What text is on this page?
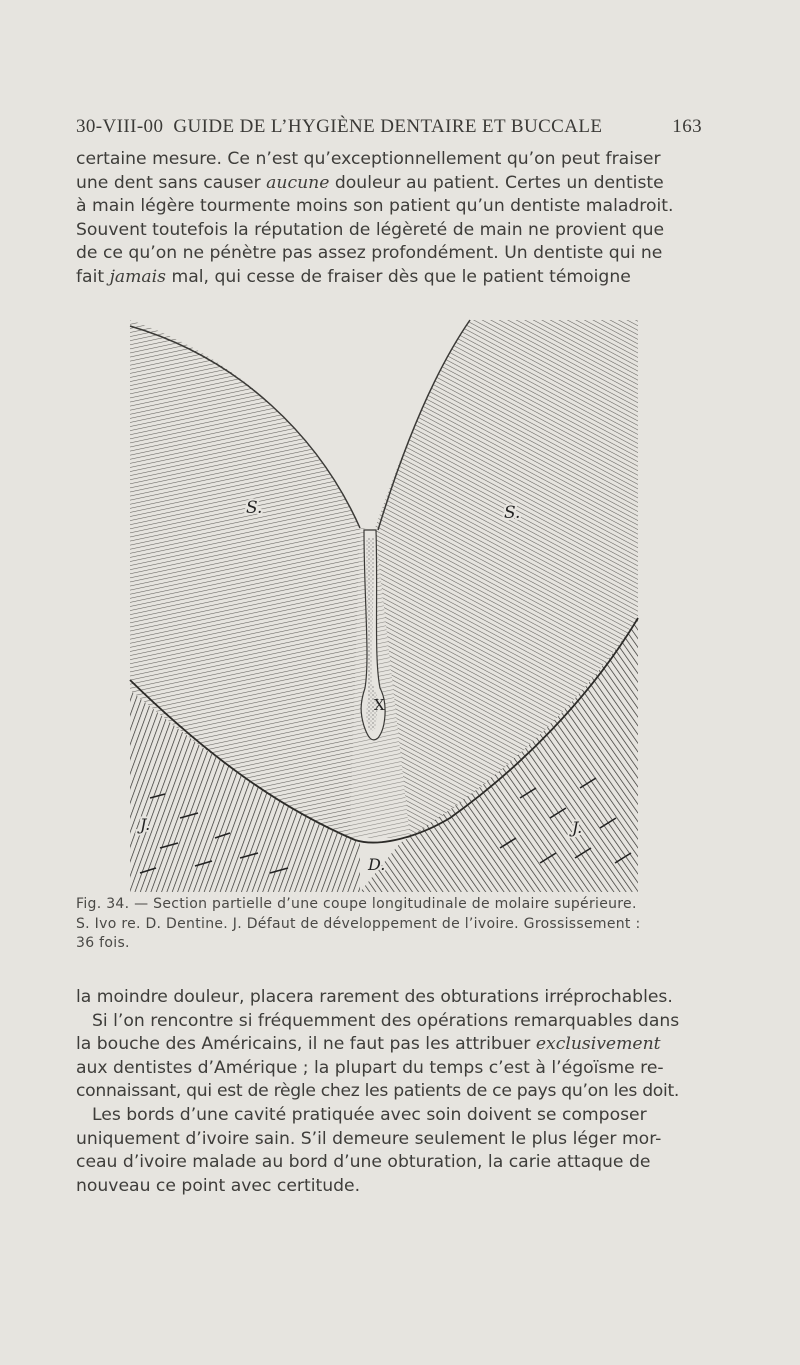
30-VIII-00 GUIDE DE L’HYGIÈNE DENTAIRE ET BUCCALE	163
certaine mesure. Ce n’est qu’exceptionnellement qu’on peut fraiser
une dent sans causer aucune douleur au patient. Certes un dentiste
à main légère tourmente moins son patient qu’un dentiste maladroit.
Souvent toutefois la réputation de légèreté de main ne provient que
de ce qu’on ne pénètre pas assez profondément. Un dentiste qui ne
fait jamais mal, qui cesse de fraiser dès que le patient témoigne
S.	S.
X
J.	J.
D.
Fig. 34. — Section partielle d’une coupe longitudinale de molaire supérieure.
S. Ivo re. D. Dentine. J. Défaut de développement de l’ivoire. Grossissement :
36 fois.
la moindre douleur, placera rarement des obturations irréprochables.
Si l’on rencontre si fréquemment des opérations remarquables dans
la bouche des Américains, il ne faut pas les attribuer exclusivement
aux dentistes d’Amérique ; la plupart du temps c’est à l’égoïsme re-
connaissant, qui est de règle chez les patients de ce pays qu’on les doit.
Les bords d’une cavité pratiquée avec soin doivent se composer
uniquement d’ivoire sain. S’il demeure seulement le plus léger mor-
ceau d’ivoire malade au bord d’une obturation, la carie attaque de
nouveau ce point avec certitude.
